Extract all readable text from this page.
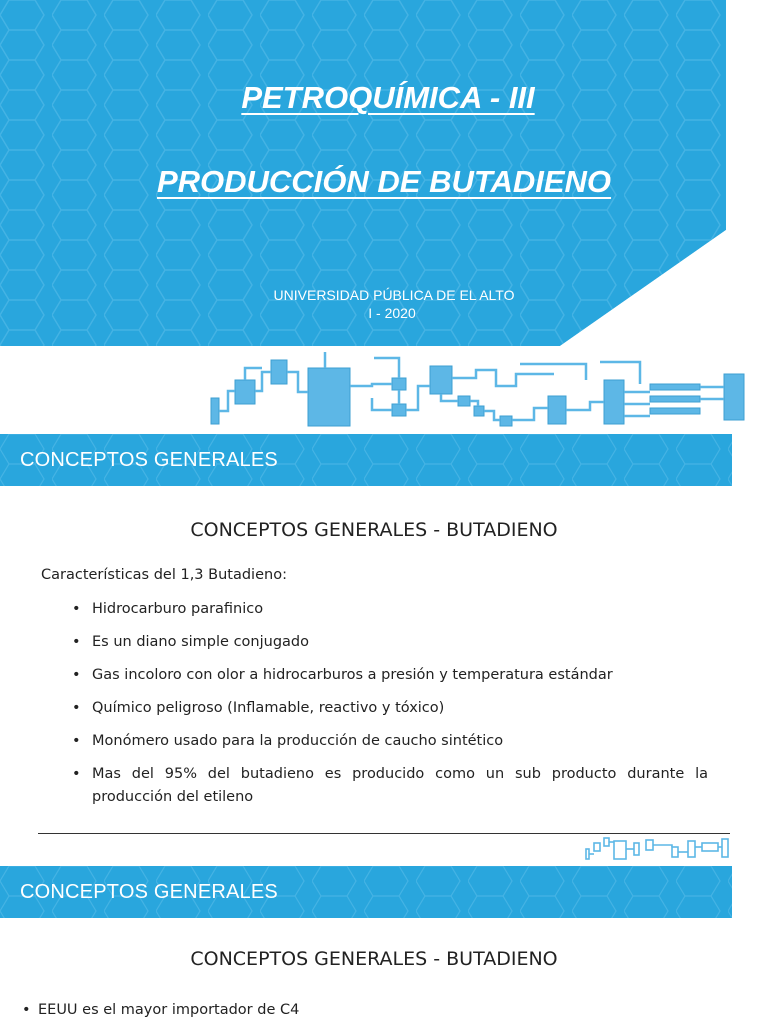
PETROQUÍMICA - III
PRODUCCIÓN DE BUTADIENO
UNIVERSIDAD PÚBLICA DE EL ALTO
I - 2020
CONCEPTOS GENERALES
CONCEPTOS GENERALES - BUTADIENO
Características del 1,3 Butadieno:
• Hidrocarburo parafinico
• Es un diano simple conjugado
• Gas incoloro con olor a hidrocarburos a presión y temperatura estándar
• Químico peligroso (Inflamable, reactivo y tóxico)
• Monómero usado para la producción de caucho sintético
• Mas del 95% del butadieno es producido como un sub producto durante la producción del etileno
CONCEPTOS GENERALES
CONCEPTOS GENERALES - BUTADIENO
• EEUU es el mayor importador de C4
